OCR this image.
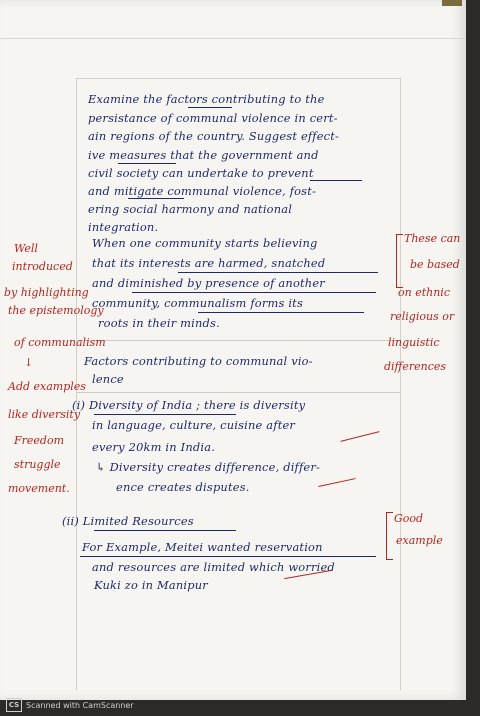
Examine the factors contributing to the
persistance of communal violence in cert-
ain regions of the country. Suggest effect-
ive measures that the government and
civil society can undertake to prevent
and mitigate communal violence, fost-
ering social harmony and national
integration.
When one community starts believing
that its interests are harmed, snatched
and diminished by presence of another
community, communalism forms its
roots in their minds.
Factors contributing to communal vio-
lence
(i) Diversity of India ; there is diversity
in language, culture, cuisine after
every 20km in India.
↳ Diversity creates difference, differ-
ence creates disputes.
(ii) Limited Resources
For Example, Meitei wanted reservation
and resources are limited which worried
Kuki zo in Manipur
Well
introduced
by highlighting
the epistemology
of communalism
↓
Add examples
like diversity
Freedom
struggle
movement.
These can
be based
on ethnic
religious or
linguistic
differences
Good
example
CS Scanned with CamScanner
